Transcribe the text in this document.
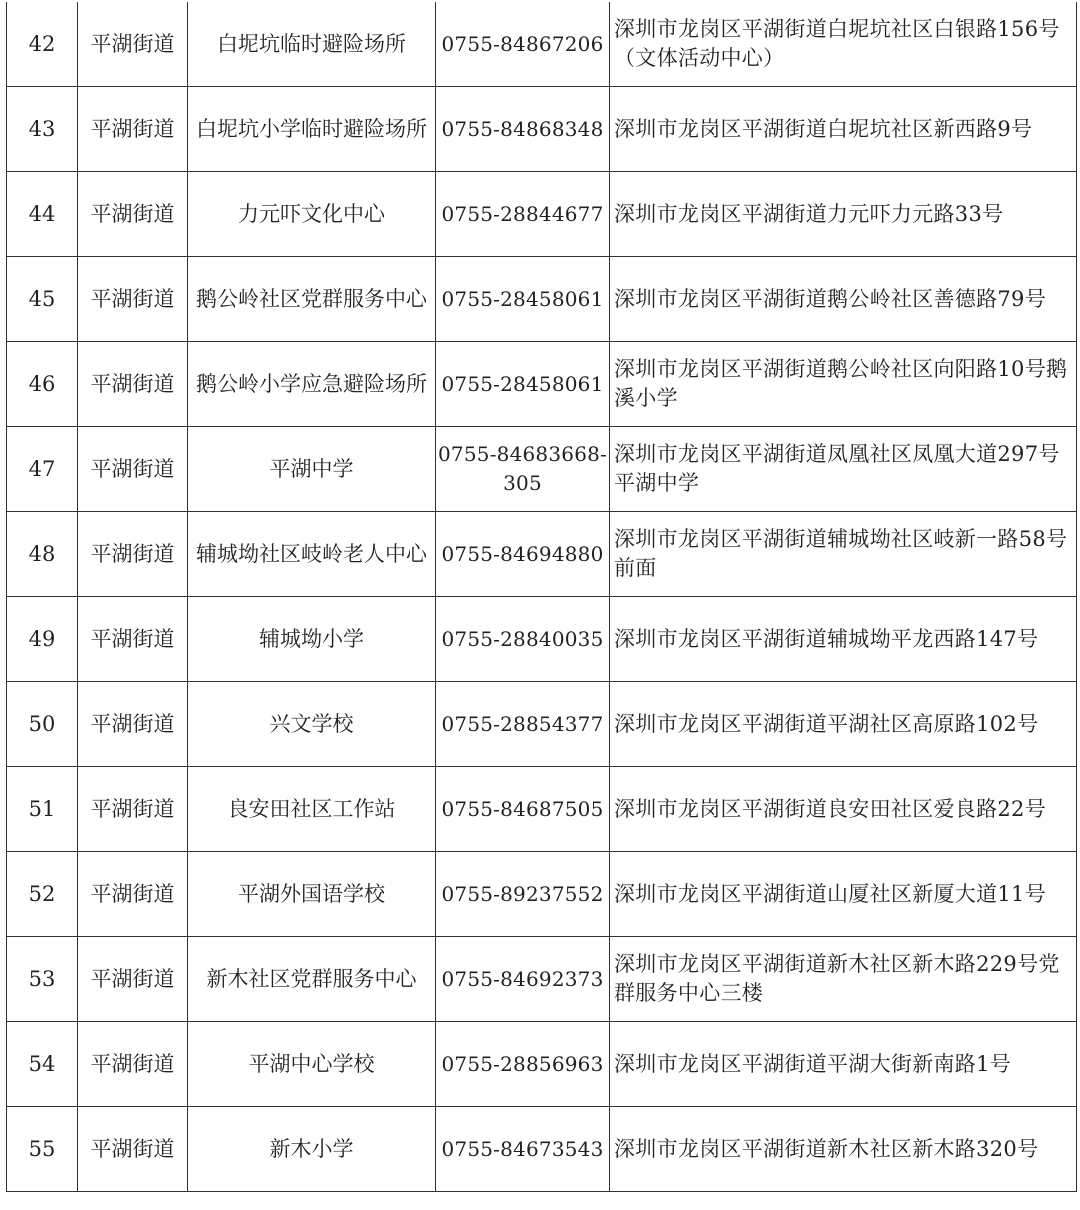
42	平湖街道	白坭坑临时避险场所	0755-84867206	深圳市龙岗区平湖街道白坭坑社区白银路156号（文体活动中心）
43	平湖街道	白坭坑小学临时避险场所	0755-84868348	深圳市龙岗区平湖街道白坭坑社区新西路9号
44	平湖街道	力元吓文化中心	0755-28844677	深圳市龙岗区平湖街道力元吓力元路33号
45	平湖街道	鹅公岭社区党群服务中心	0755-28458061	深圳市龙岗区平湖街道鹅公岭社区善德路79号
46	平湖街道	鹅公岭小学应急避险场所	0755-28458061	深圳市龙岗区平湖街道鹅公岭社区向阳路10号鹅溪小学
47	平湖街道	平湖中学	0755-84683668-305	深圳市龙岗区平湖街道凤凰社区凤凰大道297号平湖中学
48	平湖街道	辅城坳社区岐岭老人中心	0755-84694880	深圳市龙岗区平湖街道辅城坳社区岐新一路58号前面
49	平湖街道	辅城坳小学	0755-28840035	深圳市龙岗区平湖街道辅城坳平龙西路147号
50	平湖街道	兴文学校	0755-28854377	深圳市龙岗区平湖街道平湖社区高原路102号
51	平湖街道	良安田社区工作站	0755-84687505	深圳市龙岗区平湖街道良安田社区爱良路22号
52	平湖街道	平湖外国语学校	0755-89237552	深圳市龙岗区平湖街道山厦社区新厦大道11号
53	平湖街道	新木社区党群服务中心	0755-84692373	深圳市龙岗区平湖街道新木社区新木路229号党群服务中心三楼
54	平湖街道	平湖中心学校	0755-28856963	深圳市龙岗区平湖街道平湖大街新南路1号
55	平湖街道	新木小学	0755-84673543	深圳市龙岗区平湖街道新木社区新木路320号
